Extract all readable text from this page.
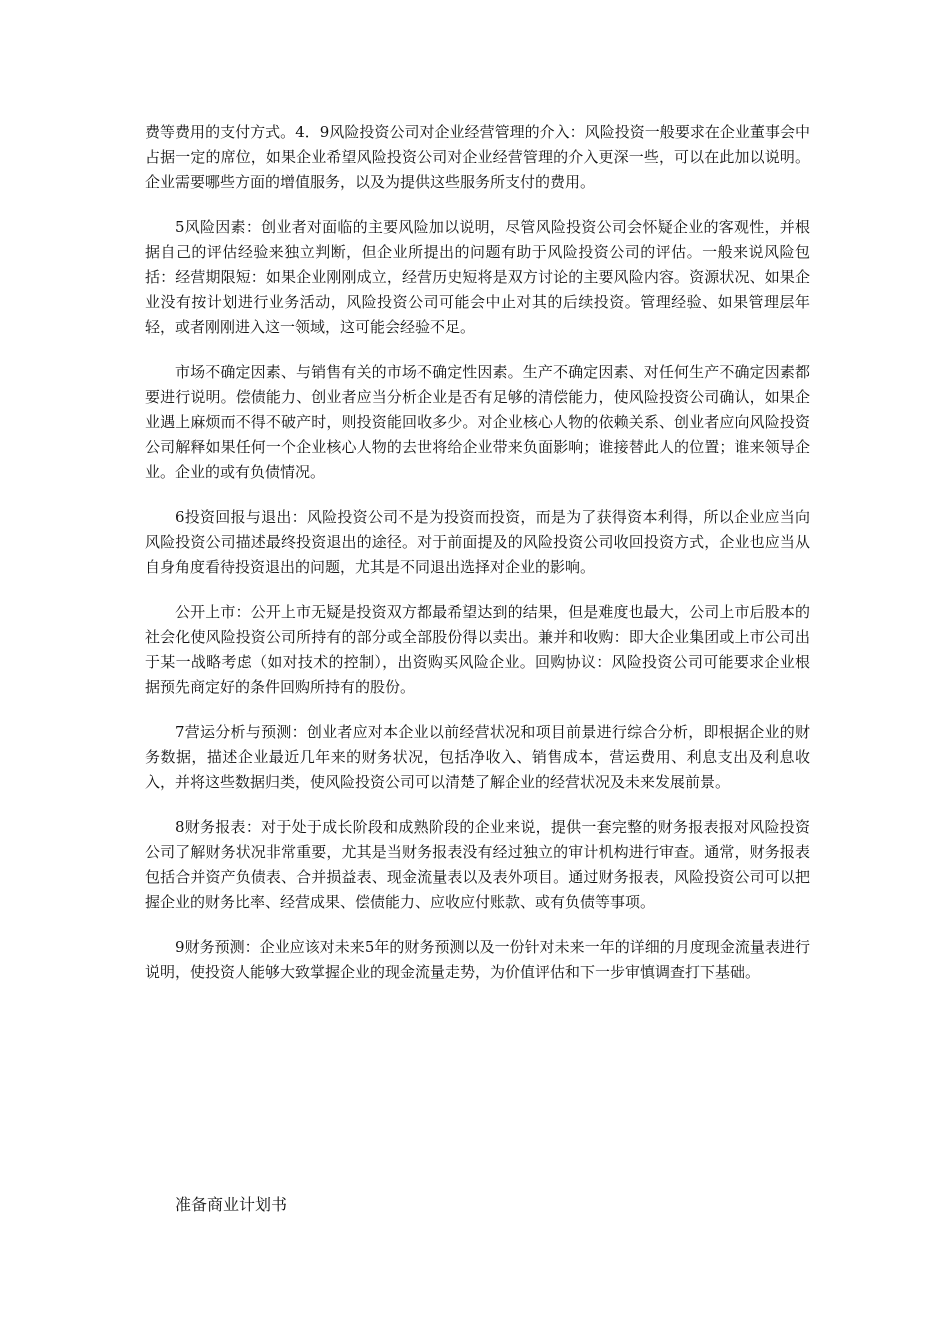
费等费用的支付方式。4．9风险投资公司对企业经营管理的介入：风险投资一般要求在企业董事会中占据一定的席位，如果企业希望风险投资公司对企业经营管理的介入更深一些，可以在此加以说明。企业需要哪些方面的增值服务，以及为提供这些服务所支付的费用。

5风险因素：创业者对面临的主要风险加以说明，尽管风险投资公司会怀疑企业的客观性，并根据自己的评估经验来独立判断，但企业所提出的问题有助于风险投资公司的评估。一般来说风险包括：经营期限短：如果企业刚刚成立，经营历史短将是双方讨论的主要风险内容。资源状况、如果企业没有按计划进行业务活动，风险投资公司可能会中止对其的后续投资。管理经验、如果管理层年轻，或者刚刚进入这一领域，这可能会经验不足。

市场不确定因素、与销售有关的市场不确定性因素。生产不确定因素、对任何生产不确定因素都要进行说明。偿债能力、创业者应当分析企业是否有足够的清偿能力，使风险投资公司确认，如果企业遇上麻烦而不得不破产时，则投资能回收多少。对企业核心人物的依赖关系、创业者应向风险投资公司解释如果任何一个企业核心人物的去世将给企业带来负面影响；谁接替此人的位置；谁来领导企业。企业的或有负债情况。

6投资回报与退出：风险投资公司不是为投资而投资，而是为了获得资本利得，所以企业应当向风险投资公司描述最终投资退出的途径。对于前面提及的风险投资公司收回投资方式，企业也应当从自身角度看待投资退出的问题，尤其是不同退出选择对企业的影响。

公开上市：公开上市无疑是投资双方都最希望达到的结果，但是难度也最大，公司上市后股本的社会化使风险投资公司所持有的部分或全部股份得以卖出。兼并和收购：即大企业集团或上市公司出于某一战略考虑（如对技术的控制），出资购买风险企业。回购协议：风险投资公司可能要求企业根据预先商定好的条件回购所持有的股份。

7营运分析与预测：创业者应对本企业以前经营状况和项目前景进行综合分析，即根据企业的财务数据，描述企业最近几年来的财务状况，包括净收入、销售成本，营运费用、利息支出及利息收入，并将这些数据归类，使风险投资公司可以清楚了解企业的经营状况及未来发展前景。

8财务报表：对于处于成长阶段和成熟阶段的企业来说，提供一套完整的财务报表报对风险投资公司了解财务状况非常重要，尤其是当财务报表没有经过独立的审计机构进行审查。通常，财务报表包括合并资产负债表、合并损益表、现金流量表以及表外项目。通过财务报表，风险投资公司可以把握企业的财务比率、经营成果、偿债能力、应收应付账款、或有负债等事项。

9财务预测：企业应该对未来5年的财务预测以及一份针对未来一年的详细的月度现金流量表进行说明，使投资人能够大致掌握企业的现金流量走势，为价值评估和下一步审慎调查打下基础。

准备商业计划书
